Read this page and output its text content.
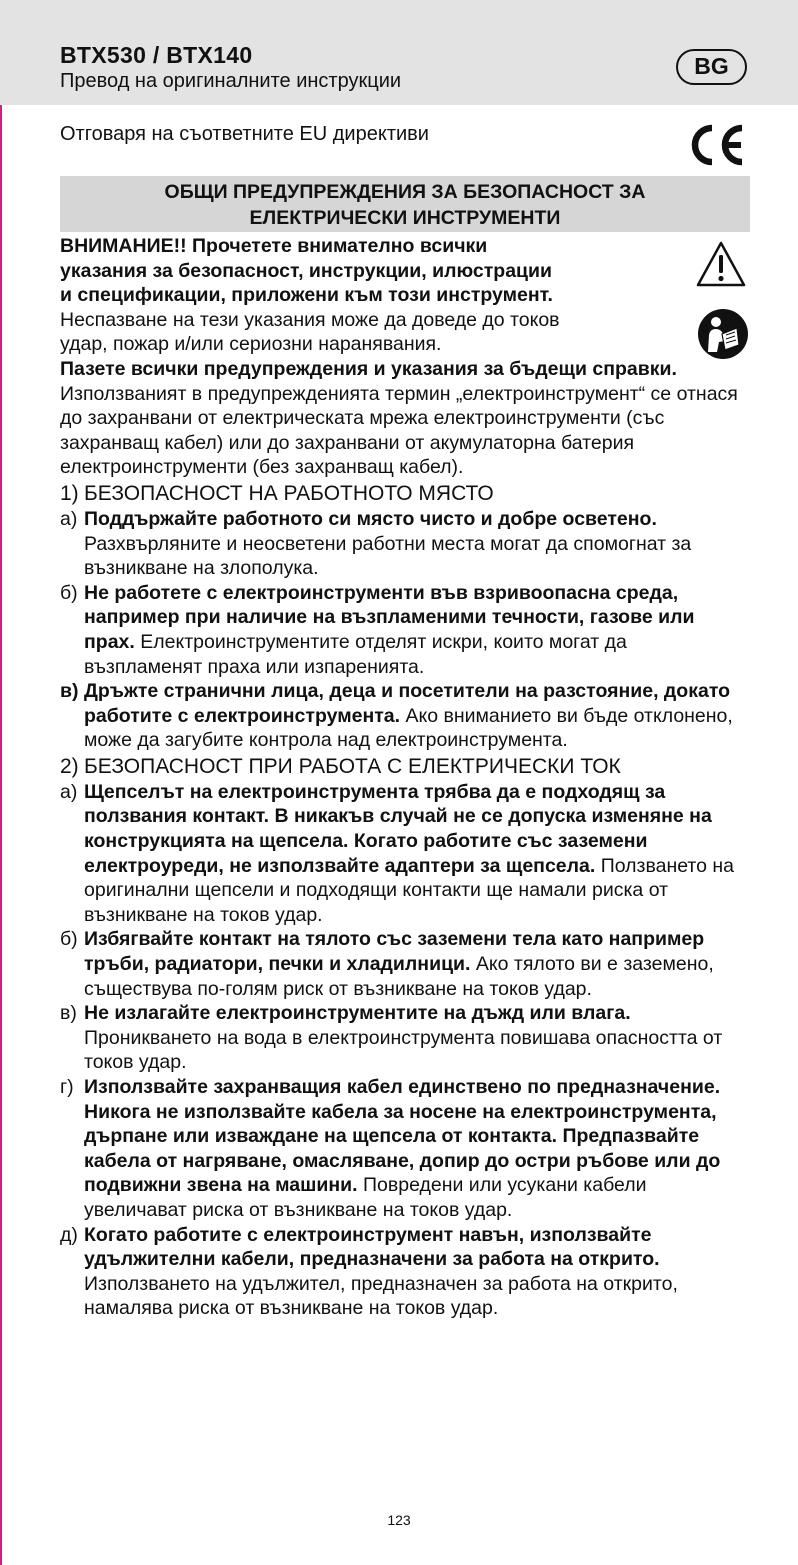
BTX530 / BTX140
Превод на оригиналните инструкции
BG
Отговаря на съответните EU директиви
ОБЩИ ПРЕДУПРЕЖДЕНИЯ ЗА БЕЗОПАСНОСТ ЗА
ЕЛЕКТРИЧЕСКИ ИНСТРУМЕНТИ

ВНИМАНИЕ!! Прочетете внимателно всички

указания за безопасност, инструкции, илюстрации

и спецификации, приложени към този инструмент.

Неспазване на тези указания може да доведе до токов

удар, пожар и/или сериозни наранявания.

Пазете всички предупреждения и указания за бъдещи справки.

Използваният в предупрежденията термин „електроинструмент“ се отнася до захранвани от електрическата мрежа електроинструменти (със захранващ кабел) или до захранвани от акумулаторна батерия електроинструменти (без захранващ кабел).

1) БЕЗОПАСНОСТ НА РАБОТНОТО МЯСТО
а) Поддържайте работното си място чисто и добре осветено. Разхвърляните и неосветени работни места могат да спомогнат за възникване на злополука.
б) Не работете с електроинструменти във взривоопасна среда, например при наличие на възпламеними течности, газове или прах. Електроинструментите отделят искри, които могат да възпламенят праха или изпаренията.
в) Дръжте странични лица, деца и посетители на разстояние, докато работите с електроинструмента. Ако вниманието ви бъде отклонено, може да загубите контрола над електроинструмента.
2) БЕЗОПАСНОСТ ПРИ РАБОТА С ЕЛЕКТРИЧЕСКИ ТОК
а) Щепселът на електроинструмента трябва да е подходящ за ползвания контакт. В никакъв случай не се допуска изменяне на конструкцията на щепсела. Когато работите със заземени електроуреди, не използвайте адаптери за щепсела. Ползването на оригинални щепсели и подходящи контакти ще намали риска от възникване на токов удар.
б) Избягвайте контакт на тялото със заземени тела като например тръби, радиатори, печки и хладилници. Ако тялото ви е заземено, съществува по-голям риск от възникване на токов удар.
в) Не излагайте електроинструментите на дъжд или влага. Проникването на вода в електроинструмента повишава опасността от токов удар.
г) Използвайте захранващия кабел единствено по предназначение. Никога не използвайте кабела за носене на електроинструмента, дърпане или изваждане на щепсела от контакта. Предпазвайте кабела от нагряване, омасляване, допир до остри ръбове или до подвижни звена на машини. Повредени или усукани кабели увеличават риска от възникване на токов удар.
д) Когато работите с електроинструмент навън, използвайте удължителни кабели, предназначени за работа на открито. Използването на удължител, предназначен за работа на открито, намалява риска от възникване на токов удар.
123
